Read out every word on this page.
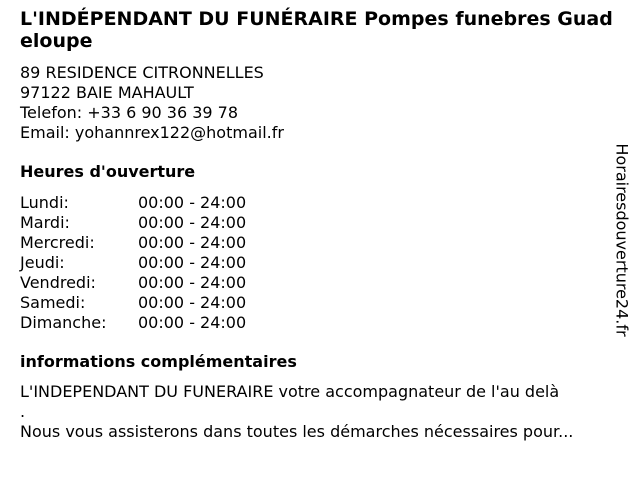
L'INDÉPENDANT DU FUNÉRAIRE Pompes funebres Guadeloupe
89 RESIDENCE CITRONNELLES
97122 BAIE MAHAULT
Telefon: +33 6 90 36 39 78
Email: yohannrex122@hotmail.fr
Heures d'ouverture
Lundi:	00:00 - 24:00
Mardi:	00:00 - 24:00
Mercredi:	00:00 - 24:00
Jeudi:	00:00 - 24:00
Vendredi:	00:00 - 24:00
Samedi:	00:00 - 24:00
Dimanche:	00:00 - 24:00
informations complémentaires
L'INDEPENDANT DU FUNERAIRE votre accompagnateur de l'au delà
.
Nous vous assisterons dans toutes les démarches nécessaires pour...
Horairesdouverture24.fr
